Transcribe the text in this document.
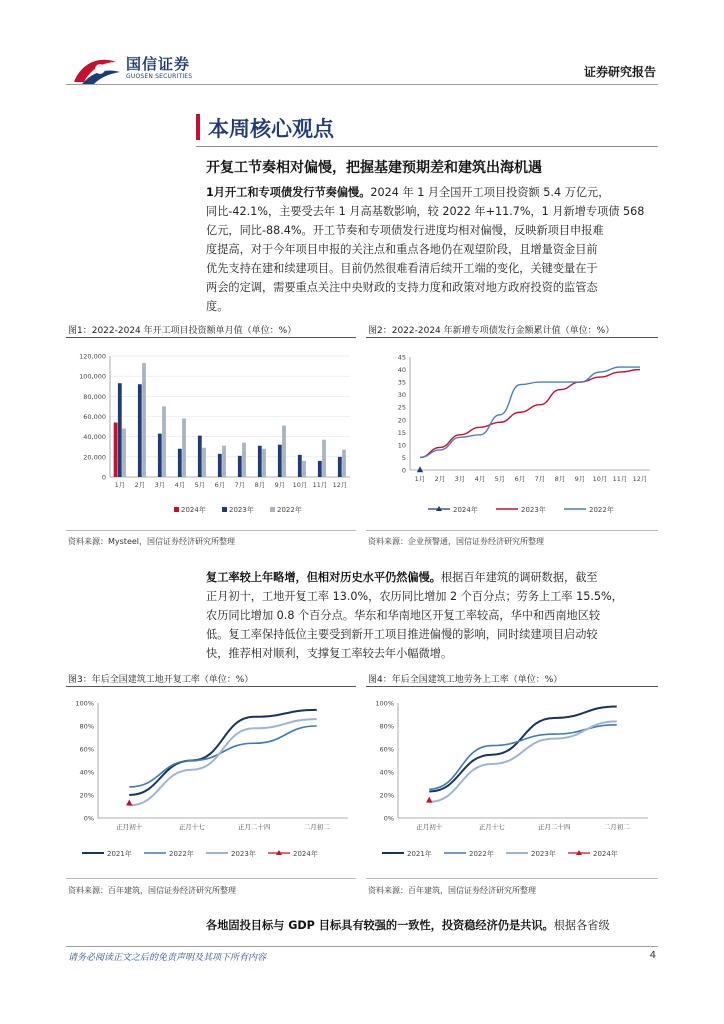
国信证券
GUOSEN SECURITIES	证券研究报告
本周核心观点
开复工节奏相对偏慢，把握基建预期差和建筑出海机遇
1月开工和专项债发行节奏偏慢。2024 年 1 月全国开工项目投资额 5.4 万亿元，
同比-42.1%，主要受去年 1 月高基数影响，较 2022 年+11.7%，1 月新增专项债 568
亿元，同比-88.4%。开工节奏和专项债发行进度均相对偏慢，反映新项目申报难
度提高，对于今年项目申报的关注点和重点各地仍在观望阶段，且增量资金目前
优先支持在建和续建项目。目前仍然很难看清后续开工端的变化，关键变量在于
两会的定调，需要重点关注中央财政的支持力度和政策对地方政府投资的监管态
度。
图1：2022-2024 年开工项目投资额单月值（单位：%）
0
20,000
40,000
60,000
80,000
100,000
120,000
1月 2月 3月 4月 5月 6月 7月 8月 9月 10月 11月 12月
2024年	2023年	2022年
资料来源：Mysteel，国信证券经济研究所整理
图2：2022-2024 年新增专项债发行金额累计值（单位：%）
0
5
10
15
20
25
30
35
40
45
1月 2月 3月 4月 5月 6月 7月 8月 9月 10月 11月 12月
2024年	2023年	2022年
资料来源：企业预警通，国信证券经济研究所整理
复工率较上年略增，但相对历史水平仍然偏慢。根据百年建筑的调研数据，截至
正月初十，工地开复工率 13.0%，农历同比增加 2 个百分点；劳务上工率 15.5%，
农历同比增加 0.8 个百分点。华东和华南地区开复工率较高，华中和西南地区较
低。复工率保持低位主要受到新开工项目推进偏慢的影响，同时续建项目启动较
快，推荐相对顺利，支撑复工率较去年小幅微增。
图3：年后全国建筑工地开复工率（单位：%）
0%
20%
40%
60%
80%
100%
正月初十	正月十七	正月二十四	二月初二
2021年	2022年	2023年	2024年
资料来源：百年建筑，国信证券经济研究所整理
图4：年后全国建筑工地劳务上工率（单位：%）
0%
20%
40%
60%
80%
100%
正月初十	正月十七	正月二十四	二月初二
2021年	2022年	2023年	2024年
资料来源：百年建筑，国信证券经济研究所整理
各地固投目标与 GDP 目标具有较强的一致性，投资稳经济仍是共识。根据各省级
请务必阅读正文之后的免责声明及其项下所有内容	4
